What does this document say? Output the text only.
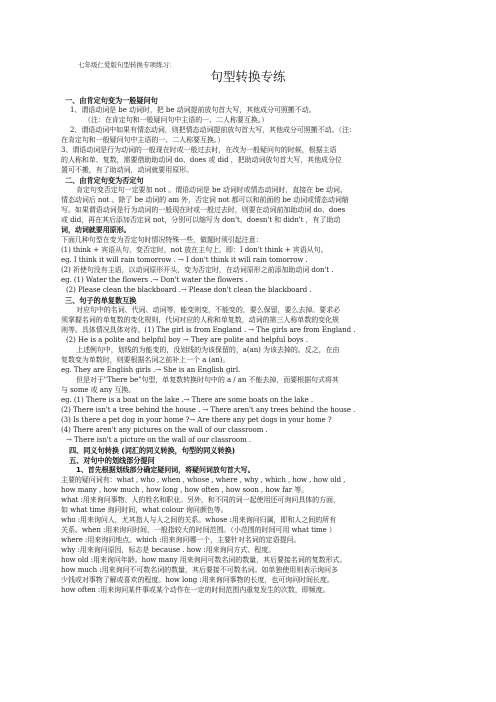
七年级仁爱版句型转换专项练习：
句型转换专练
一、由肯定句变为一般疑问句
1、谓语动词是 be 动词时，把 be 动词提前放句首大写，其他成分可照搬不动。
（注：在肯定句和一般疑问句中主语的一、二人称要互换。）
2、谓语动词中如果有情态动词，则把情态动词提前放句首大写，其他成分可照搬不动。（注：
在肯定句和一般疑问句中主语的一、二人称要互换。）
3、谓语动词是行为动词的一般现在时或一般过去时，在改为一般疑问句的时候，根据主语
的人称和单、复数，需要借助助动词 do、does 或 did ，把助动词放句首大写，其他成分位
置可不搬，有了助动词，动词就要用原形。
二、由肯定句变为否定句
肯定句变否定句一定要加 not 。谓语动词是 be 动词时或情态动词时，直接在 be 动词、
情态动词后 not 。除了 be 动词的 am 外，否定词 not 都可以和前面的 be 动词或情态动词缩
写。如果谓语动词是行为动词的一般现在时或一般过去时，则要在动词前加助动词 do、does
或 did，再在其后添加否定词 not，分别可以缩写为 don't、doesn't 和 didn't ，有了助动
词，动词就要用原形。
下面几种句型在变为否定句时情况特殊一些，做题时须引起注意：
(1) think + 宾语从句，变否定时，not 放在主句上，即：I don't think + 宾语从句。
eg. I think it will rain tomorrow . → I don't think it will rain tomorrow .
(2) 祈使句没有主语，以动词原形开头，变为否定时，在动词原形之前添加助动词 don't .
eg. (1) Water the flowers .→ Don't water the flowers .
(2) Please clean the blackboard .→ Please don't clean the blackboard .
三、句子的单复数互换
对应句中的名词、代词、动词等，能变则变，不能变的，要么保留，要么去掉。要求必
须掌握名词的单复数的变化规则，代词对应的人称和单复数，动词的第三人称单数的变化规
则等。具体情况具体对待。(1) The girl is from England . → The girls are from England .
(2) He is a polite and helpful boy → They are polite and helpful boys .
上述例句中，划线的为能变的，没划线的为该保留的，a(an) 为该去掉的。反之，在由
复数变为单数时，则要根据名词之前补上一个 a (an)。
eg. They are English girls .→ She is an English girl.
但是对于"There be"句型，单复数转换时句中的 a / an 不能去掉，而要根据句式将其
与 some 或 any 互换。
eg. (1) There is a boat on the lake .→ There are some boats on the lake .
(2) There isn't a tree behind the house . → There aren't any trees behind the house .
(3) Is there a pet dog in your home ?→ Are there any pet dogs in your home ?
(4) There aren't any pictures on the wall of our classroom .
→ There isn't a picture on the wall of our classroom .
四、同义句转换 (词汇的同义转换，句型的同义转换)
五、对句中的划线部分提问
1、首先根据划线部分确定疑问词，将疑问词放句首大写。
主要的疑问词有：what , who , when , whose , where , why , which , how , how old ,
how many , how much , how long , how often , how soon , how far 等。
what :用来询问事物、人的姓名和职业。另外，和不同的词一起使用还可询问具体的方面，
如 what time 询问时间，what colour 询问颜色等。
who :用来询问人，尤其指人与人之间的关系。whose :用来询问归属，即和人之间的所有
关系。when :用来询问时间，一般指较大的时间范围。（小范围的时间可用 what time ）
where :用来询问地点。which :用来询问哪一个，主要针对名词的定语提问。
why :用来询问原因，标志是 because . how :用来询问方式、程度。
how old :用来询问年龄。how many 用来询问可数名词的数量，其后要接名词的复数形式。
how much :用来询问不可数名词的数量，其后要接不可数名词。如单独使用则表示询问多
少钱或对事物了解或喜欢的程度。how long :用来询问事物的长度，也可询问时间长度。
how often :用来询问某件事或某个动作在一定的时间范围内重复发生的次数，即频度。
